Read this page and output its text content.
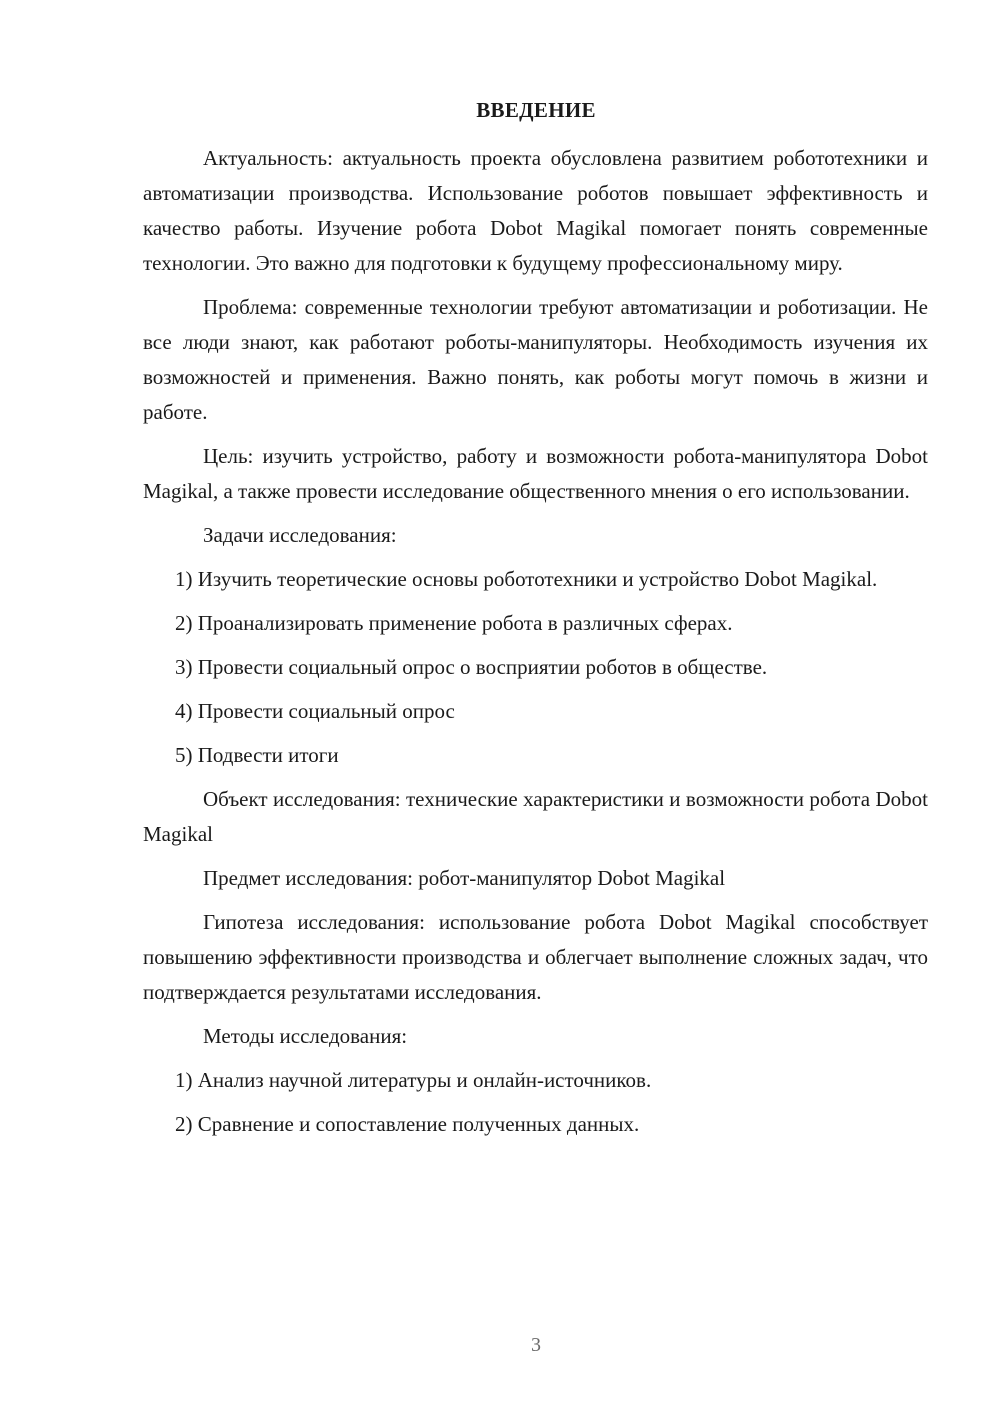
ВВЕДЕНИЕ

Актуальность: актуальность проекта обусловлена развитием робототехники и автоматизации производства. Использование роботов повышает эффективность и качество работы. Изучение робота Dobot Magikal помогает понять современные технологии. Это важно для подготовки к будущему профессиональному миру.

Проблема: современные технологии требуют автоматизации и роботизации. Не все люди знают, как работают роботы-манипуляторы. Необходимость изучения их возможностей и применения. Важно понять, как роботы могут помочь в жизни и работе.

Цель: изучить устройство, работу и возможности робота-манипулятора Dobot Magikal, а также провести исследование общественного мнения о его использовании.

Задачи исследования:

1) Изучить теоретические основы робототехники и устройство Dobot Magikal.

2) Проанализировать применение робота в различных сферах.

3) Провести социальный опрос о восприятии роботов в обществе.

4) Провести социальный опрос

5) Подвести итоги

Объект исследования: технические характеристики и возможности робота Dobot Magikal

Предмет исследования: робот-манипулятор Dobot Magikal

Гипотеза исследования: использование робота Dobot Magikal способствует повышению эффективности производства и облегчает выполнение сложных задач, что подтверждается результатами исследования.

Методы исследования:

1) Анализ научной литературы и онлайн-источников.

2) Сравнение и сопоставление полученных данных.

3
